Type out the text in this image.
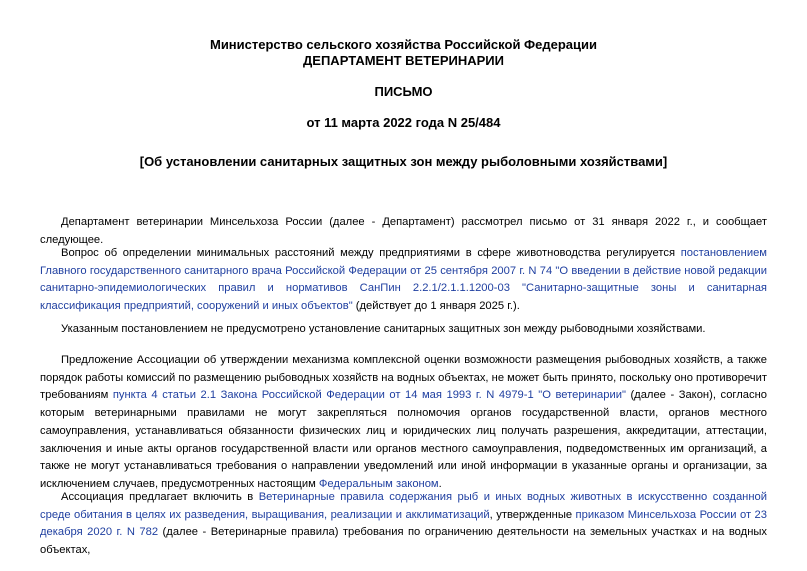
Министерство сельского хозяйства Российской Федерации
ДЕПАРТАМЕНТ ВЕТЕРИНАРИИ
ПИСЬМО
от 11 марта 2022 года N 25/484
[Об установлении санитарных защитных зон между рыболовными хозяйствами]

Департамент ветеринарии Минсельхоза России (далее - Департамент) рассмотрел письмо от 31 января 2022 г., и сообщает следующее.

Вопрос об определении минимальных расстояний между предприятиями в сфере животноводства регулируется постановлением Главного государственного санитарного врача Российской Федерации от 25 сентября 2007 г. N 74 "О введении в действие новой редакции санитарно-эпидемиологических правил и нормативов СанПин 2.2.1/2.1.1.1200-03 "Санитарно-защитные зоны и санитарная классификация предприятий, сооружений и иных объектов" (действует до 1 января 2025 г.).

Указанным постановлением не предусмотрено установление санитарных защитных зон между рыбоводными хозяйствами.

Предложение Ассоциации об утверждении механизма комплексной оценки возможности размещения рыбоводных хозяйств, а также порядок работы комиссий по размещению рыбоводных хозяйств на водных объектах, не может быть принято, поскольку оно противоречит требованиям пункта 4 статьи 2.1 Закона Российской Федерации от 14 мая 1993 г. N 4979-1 "О ветеринарии" (далее - Закон), согласно которым ветеринарными правилами не могут закрепляться полномочия органов государственной власти, органов местного самоуправления, устанавливаться обязанности физических лиц и юридических лиц получать разрешения, аккредитации, аттестации, заключения и иные акты органов государственной власти или органов местного самоуправления, подведомственных им организаций, а также не могут устанавливаться требования о направлении уведомлений или иной информации в указанные органы и организации, за исключением случаев, предусмотренных настоящим Федеральным законом.

Ассоциация предлагает включить в Ветеринарные правила содержания рыб и иных водных животных в искусственно созданной среде обитания в целях их разведения, выращивания, реализации и акклиматизаций, утвержденные приказом Минсельхоза России от 23 декабря 2020 г. N 782 (далее - Ветеринарные правила) требования по ограничению деятельности на земельных участках и на водных объектах,
